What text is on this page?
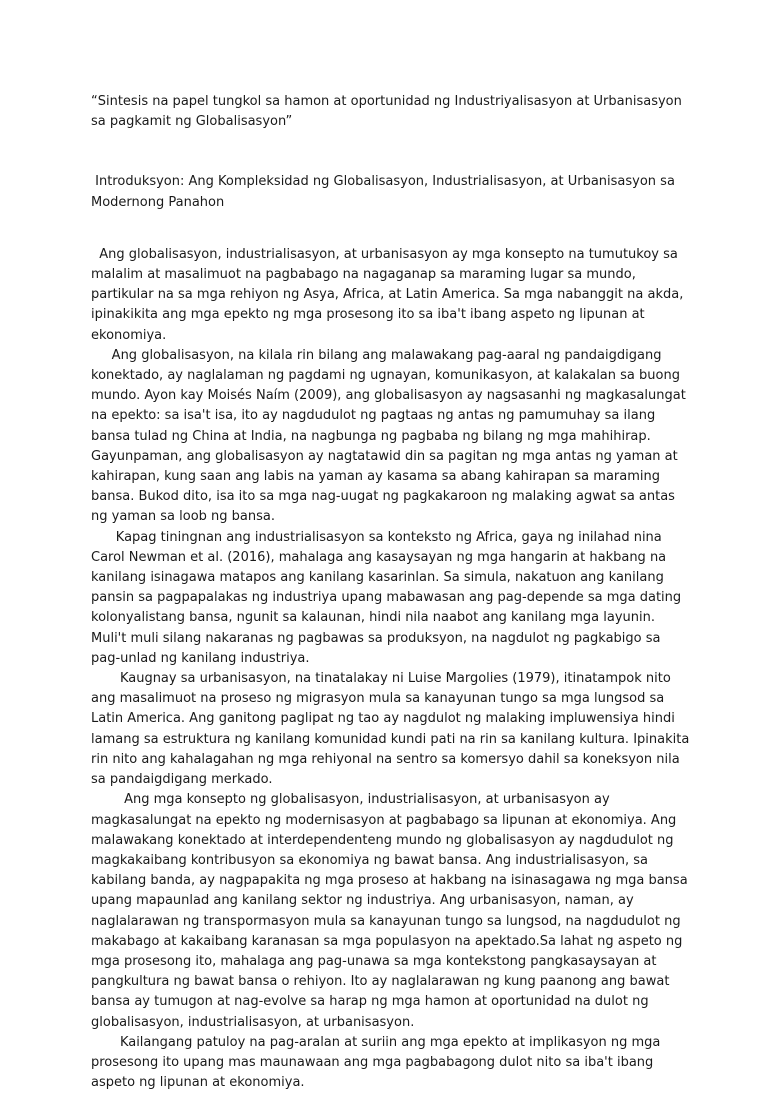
“Sintesis na papel tungkol sa hamon at oportunidad ng Industriyalisasyon at Urbanisasyon sa pagkamit ng Globalisasyon”

Introduksyon: Ang Kompleksidad ng Globalisasyon, Industrialisasyon, at Urbanisasyon sa Modernong Panahon

Ang globalisasyon, industrialisasyon, at urbanisasyon ay mga konsepto na tumutukoy sa malalim at masalimuot na pagbabago na nagaganap sa maraming lugar sa mundo, partikular na sa mga rehiyon ng Asya, Africa, at Latin America. Sa mga nabanggit na akda, ipinakikita ang mga epekto ng mga prosesong ito sa iba't ibang aspeto ng lipunan at ekonomiya.

Ang globalisasyon, na kilala rin bilang ang malawakang pag-aaral ng pandaigdigang konektado, ay naglalaman ng pagdami ng ugnayan, komunikasyon, at kalakalan sa buong mundo. Ayon kay Moisés Naím (2009), ang globalisasyon ay nagsasanhi ng magkasalungat na epekto: sa isa't isa, ito ay nagdudulot ng pagtaas ng antas ng pamumuhay sa ilang bansa tulad ng China at India, na nagbunga ng pagbaba ng bilang ng mga mahihirap. Gayunpaman, ang globalisasyon ay nagtatawid din sa pagitan ng mga antas ng yaman at kahirapan, kung saan ang labis na yaman ay kasama sa abang kahirapan sa maraming bansa. Bukod dito, isa ito sa mga nag-uugat ng pagkakaroon ng malaking agwat sa antas ng yaman sa loob ng bansa.

Kapag tiningnan ang industrialisasyon sa konteksto ng Africa, gaya ng inilahad nina Carol Newman et al. (2016), mahalaga ang kasaysayan ng mga hangarin at hakbang na kanilang isinagawa matapos ang kanilang kasarinlan. Sa simula, nakatuon ang kanilang pansin sa pagpapalakas ng industriya upang mabawasan ang pag-depende sa mga dating kolonyalistang bansa, ngunit sa kalaunan, hindi nila naabot ang kanilang mga layunin. Muli't muli silang nakaranas ng pagbawas sa produksyon, na nagdulot ng pagkabigo sa pag-unlad ng kanilang industriya.

Kaugnay sa urbanisasyon, na tinatalakay ni Luise Margolies (1979), itinatampok nito ang masalimuot na proseso ng migrasyon mula sa kanayunan tungo sa mga lungsod sa Latin America. Ang ganitong paglipat ng tao ay nagdulot ng malaking impluwensiya hindi lamang sa estruktura ng kanilang komunidad kundi pati na rin sa kanilang kultura. Ipinakita rin nito ang kahalagahan ng mga rehiyonal na sentro sa komersyo dahil sa koneksyon nila sa pandaigdigang merkado.

Ang mga konsepto ng globalisasyon, industrialisasyon, at urbanisasyon ay magkasalungat na epekto ng modernisasyon at pagbabago sa lipunan at ekonomiya. Ang malawakang konektado at interdependenteng mundo ng globalisasyon ay nagdudulot ng magkakaibang kontribusyon sa ekonomiya ng bawat bansa. Ang industrialisasyon, sa kabilang banda, ay nagpapakita ng mga proseso at hakbang na isinasagawa ng mga bansa upang mapaunlad ang kanilang sektor ng industriya. Ang urbanisasyon, naman, ay naglalarawan ng transpormasyon mula sa kanayunan tungo sa lungsod, na nagdudulot ng makabago at kakaibang karanasan sa mga populasyon na apektado.Sa lahat ng aspeto ng mga prosesong ito, mahalaga ang pag-unawa sa mga kontekstong pangkasaysayan at pangkultura ng bawat bansa o rehiyon. Ito ay naglalarawan ng kung paanong ang bawat bansa ay tumugon at nag-evolve sa harap ng mga hamon at oportunidad na dulot ng globalisasyon, industrialisasyon, at urbanisasyon.

Kailangang patuloy na pag-aralan at suriin ang mga epekto at implikasyon ng mga prosesong ito upang mas maunawaan ang mga pagbabagong dulot nito sa iba't ibang aspeto ng lipunan at ekonomiya.
